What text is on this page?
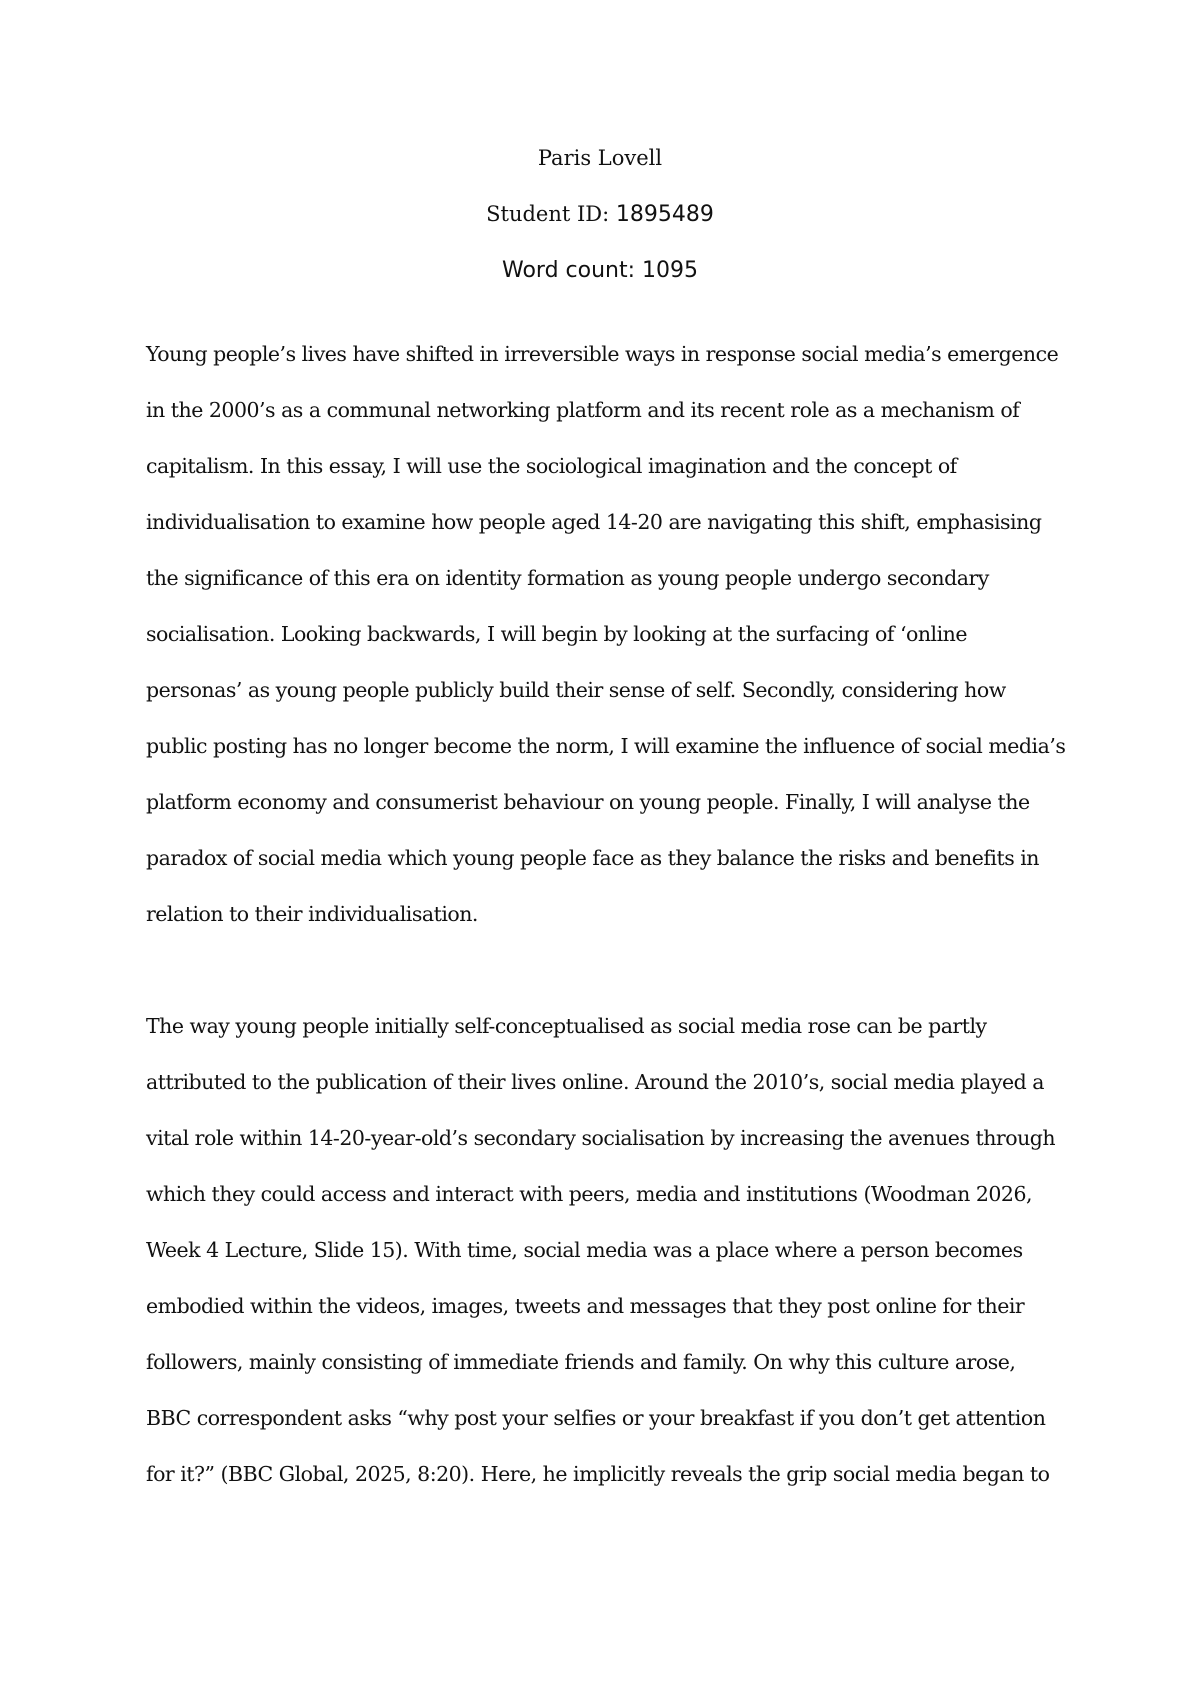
Paris Lovell
Student ID: 1895489
Word count: 1095
Young people’s lives have shifted in irreversible ways in response social media’s emergence
in the 2000’s as a communal networking platform and its recent role as a mechanism of
capitalism. In this essay, I will use the sociological imagination and the concept of
individualisation to examine how people aged 14-20 are navigating this shift, emphasising
the significance of this era on identity formation as young people undergo secondary
socialisation. Looking backwards, I will begin by looking at the surfacing of ‘online
personas’ as young people publicly build their sense of self. Secondly, considering how
public posting has no longer become the norm, I will examine the influence of social media’s
platform economy and consumerist behaviour on young people. Finally, I will analyse the
paradox of social media which young people face as they balance the risks and benefits in
relation to their individualisation.
The way young people initially self-conceptualised as social media rose can be partly
attributed to the publication of their lives online. Around the 2010’s, social media played a
vital role within 14-20-year-old’s secondary socialisation by increasing the avenues through
which they could access and interact with peers, media and institutions (Woodman 2026,
Week 4 Lecture, Slide 15). With time, social media was a place where a person becomes
embodied within the videos, images, tweets and messages that they post online for their
followers, mainly consisting of immediate friends and family. On why this culture arose,
BBC correspondent asks “why post your selfies or your breakfast if you don’t get attention
for it?” (BBC Global, 2025, 8:20). Here, he implicitly reveals the grip social media began to
